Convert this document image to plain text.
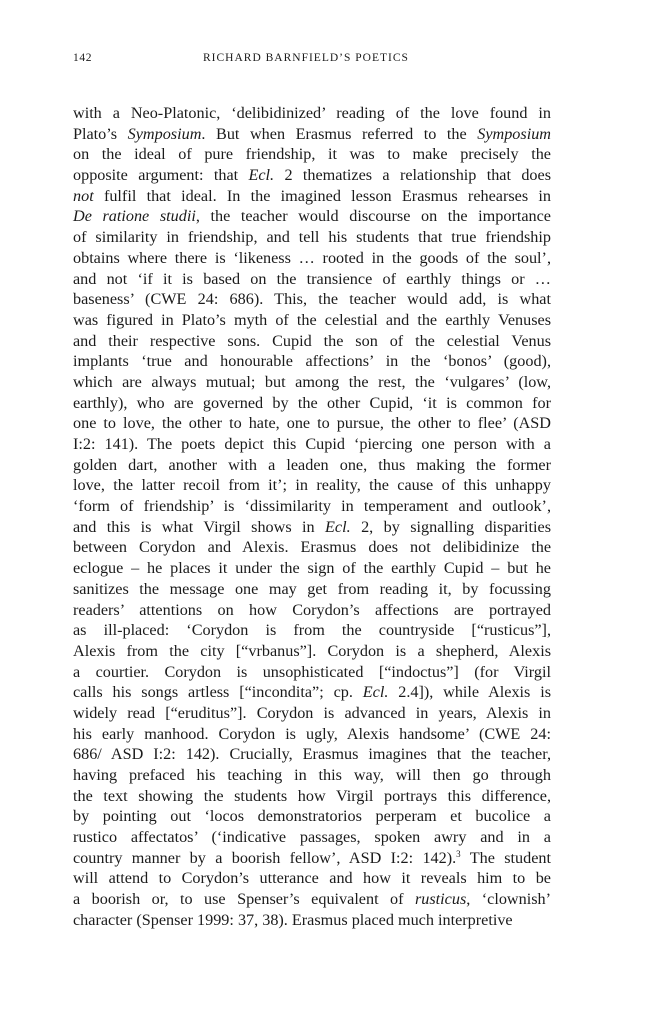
142	RICHARD BARNFIELD’S POETICS
with a Neo-Platonic, ‘delibidinized’ reading of the love found in
Plato’s Symposium. But when Erasmus referred to the Symposium
on the ideal of pure friendship, it was to make precisely the
opposite argument: that Ecl. 2 thematizes a relationship that does
not fulfil that ideal. In the imagined lesson Erasmus rehearses in
De ratione studii, the teacher would discourse on the importance
of similarity in friendship, and tell his students that true friendship
obtains where there is ‘likeness … rooted in the goods of the soul’,
and not ‘if it is based on the transience of earthly things or …
baseness’ (CWE 24: 686). This, the teacher would add, is what
was figured in Plato’s myth of the celestial and the earthly Venuses
and their respective sons. Cupid the son of the celestial Venus
implants ‘true and honourable affections’ in the ‘bonos’ (good),
which are always mutual; but among the rest, the ‘vulgares’ (low,
earthly), who are governed by the other Cupid, ‘it is common for
one to love, the other to hate, one to pursue, the other to flee’ (ASD
I:2: 141). The poets depict this Cupid ‘piercing one person with a
golden dart, another with a leaden one, thus making the former
love, the latter recoil from it’; in reality, the cause of this unhappy
‘form of friendship’ is ‘dissimilarity in temperament and outlook’,
and this is what Virgil shows in Ecl. 2, by signalling disparities
between Corydon and Alexis. Erasmus does not delibidinize the
eclogue – he places it under the sign of the earthly Cupid – but he
sanitizes the message one may get from reading it, by focussing
readers’ attentions on how Corydon’s affections are portrayed
as ill-placed: ‘Corydon is from the countryside [“rusticus”],
Alexis from the city [“vrbanus”]. Corydon is a shepherd, Alexis
a courtier. Corydon is unsophisticated [“indoctus”] (for Virgil
calls his songs artless [“incondita”; cp. Ecl. 2.4]), while Alexis is
widely read [“eruditus”]. Corydon is advanced in years, Alexis in
his early manhood. Corydon is ugly, Alexis handsome’ (CWE 24:
686/ ASD I:2: 142). Crucially, Erasmus imagines that the teacher,
having prefaced his teaching in this way, will then go through
the text showing the students how Virgil portrays this difference,
by pointing out ‘locos demonstratorios perperam et bucolice a
rustico affectatos’ (‘indicative passages, spoken awry and in a
country manner by a boorish fellow’, ASD I:2: 142).$^3$ The student
will attend to Corydon’s utterance and how it reveals him to be
a boorish or, to use Spenser’s equivalent of rusticus, ‘clownish’
character (Spenser 1999: 37, 38). Erasmus placed much interpretive
